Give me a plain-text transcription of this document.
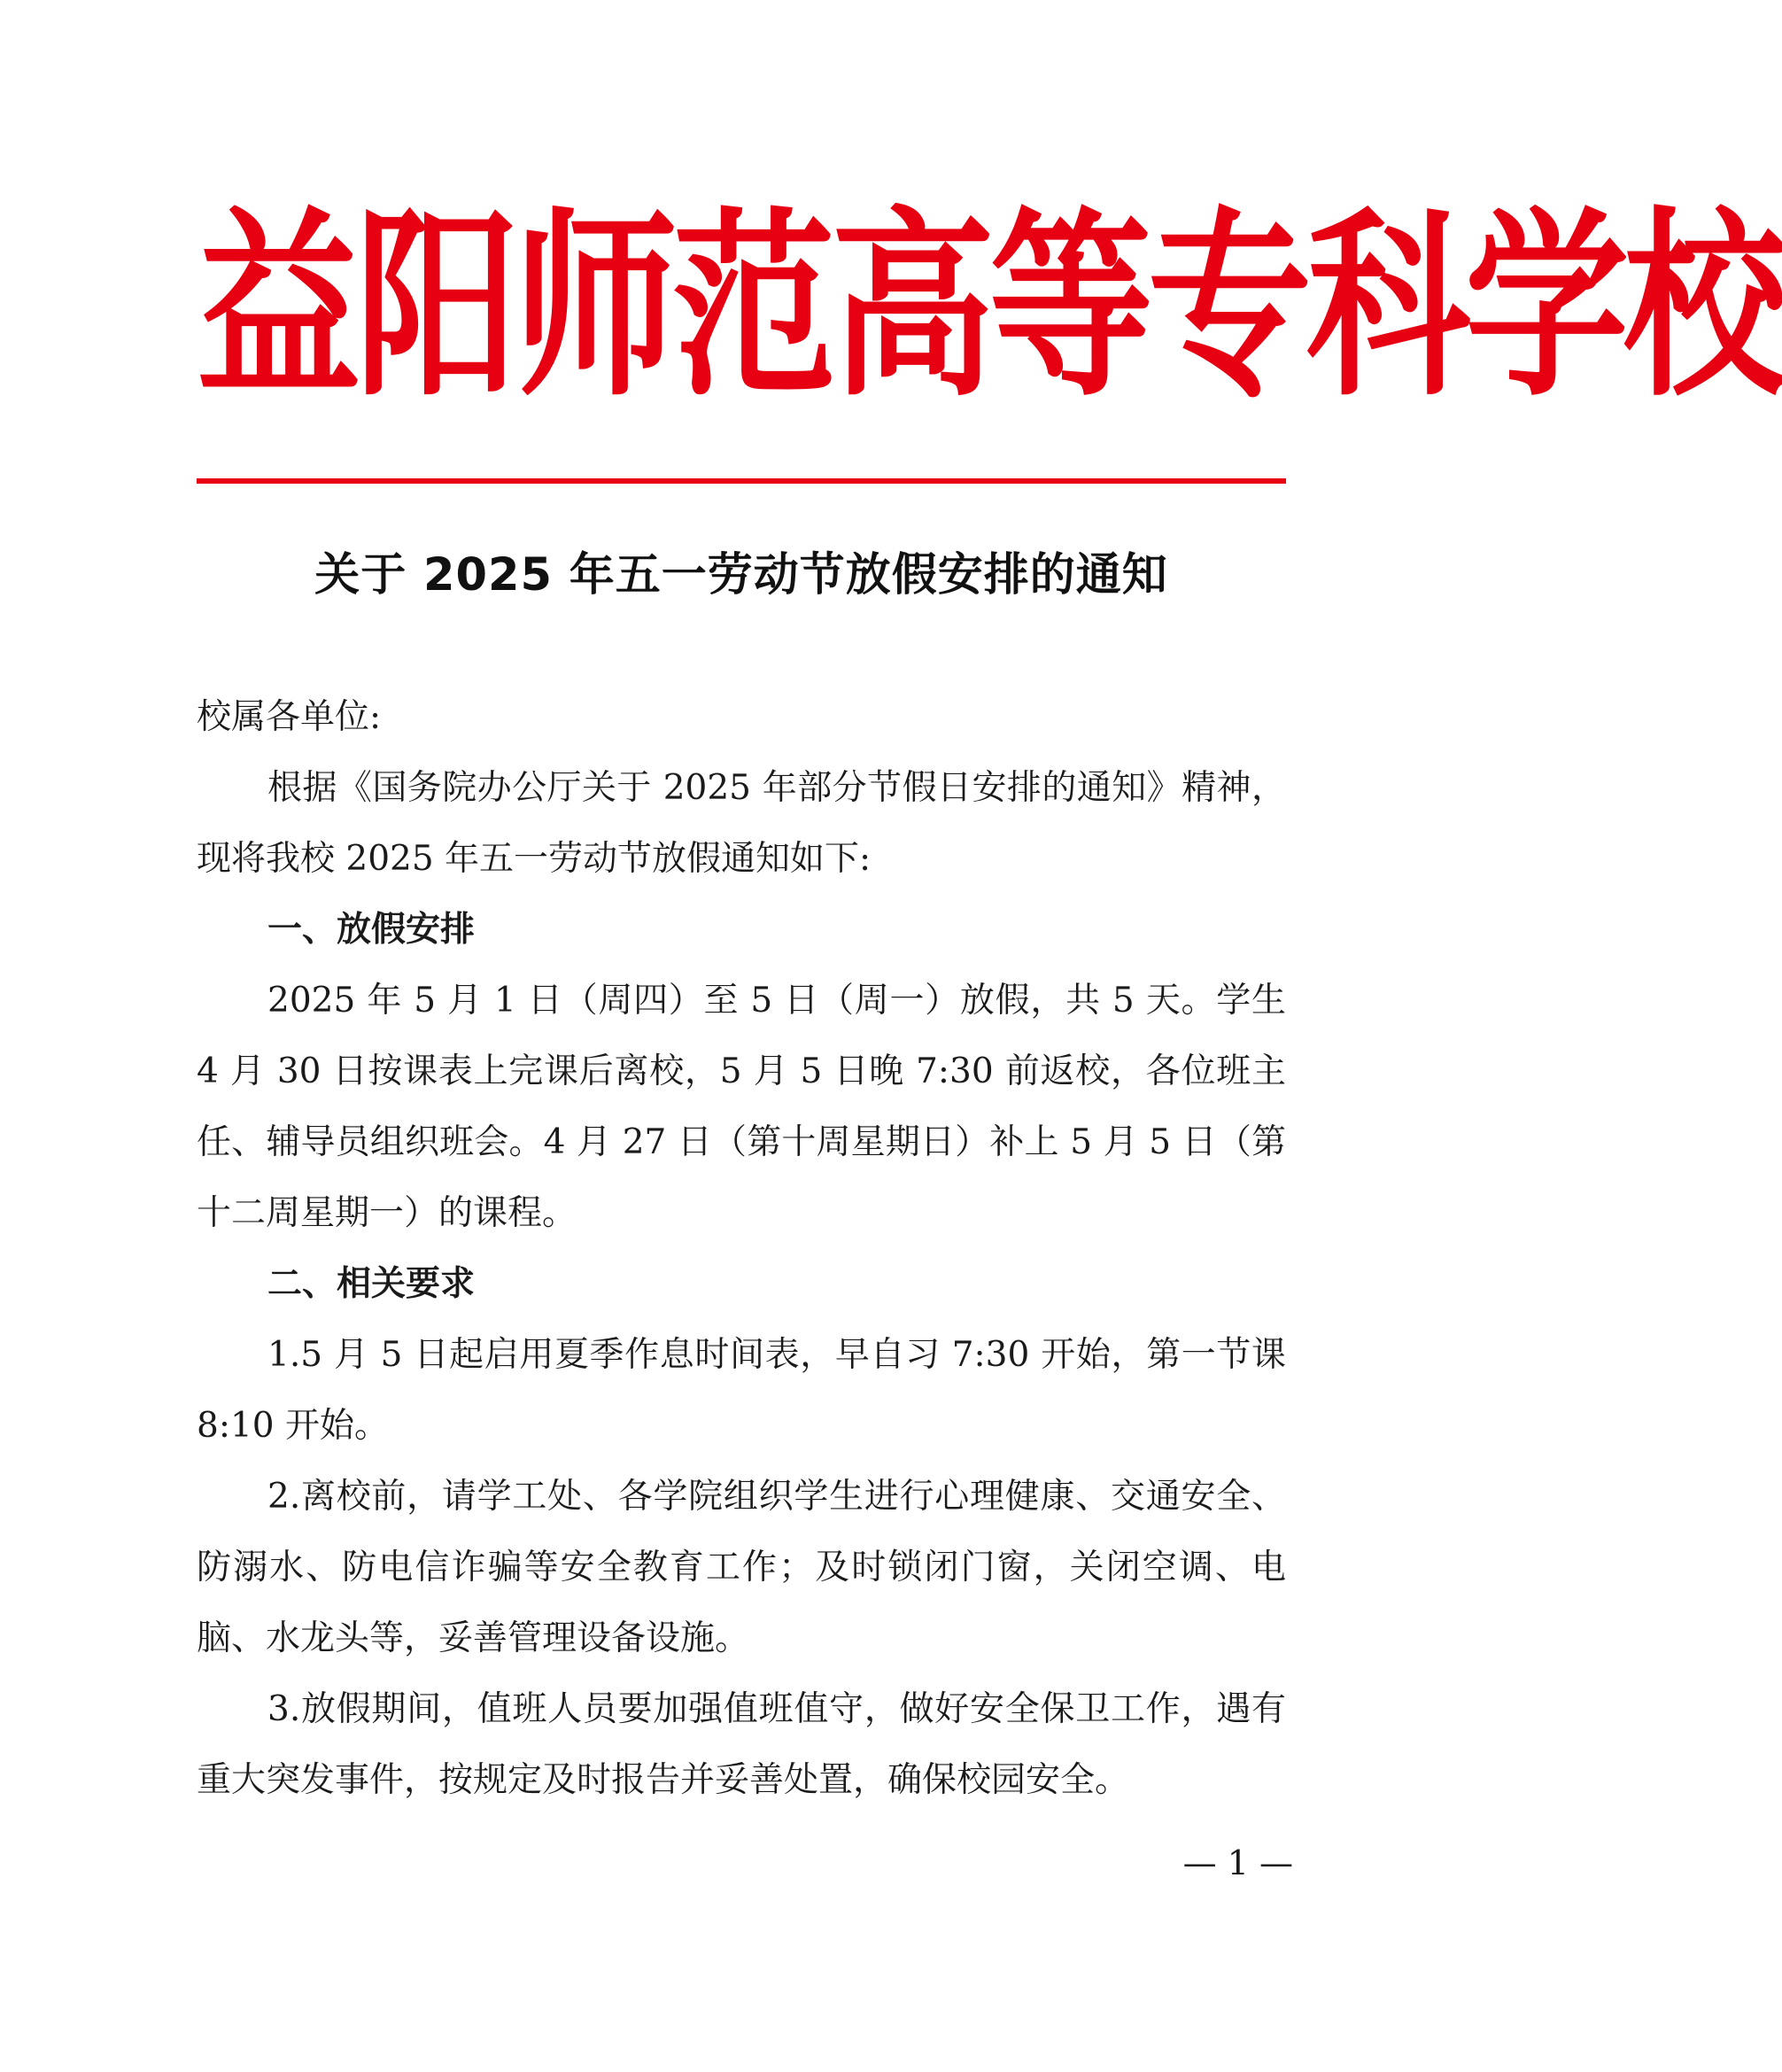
益 阳 师 范 高 等 专 科 学 校
关于 2025 年五一劳动节放假安排的通知

校属各单位:

根据《国务院办公厅关于 2025 年部分节假日安排的通知》精神，现将我校 2025 年五一劳动节放假通知如下:

一、放假安排

2025 年 5 月 1 日（周四）至 5 日（周一）放假，共 5 天。学生 4 月 30 日按课表上完课后离校，5 月 5 日晚 7:30 前返校，各位班主任、辅导员组织班会。4 月 27 日（第十周星期日）补上 5 月 5 日（第十二周星期一）的课程。

二、相关要求

1.5 月 5 日起启用夏季作息时间表，早自习 7:30 开始，第一节课 8:10 开始。

2.离校前，请学工处、各学院组织学生进行心理健康、交通安全、防溺水、防电信诈骗等安全教育工作；及时锁闭门窗，关闭空调、电脑、水龙头等，妥善管理设备设施。

3.放假期间，值班人员要加强值班值守，做好安全保卫工作，遇有重大突发事件，按规定及时报告并妥善处置，确保校园安全。

— 1 —
